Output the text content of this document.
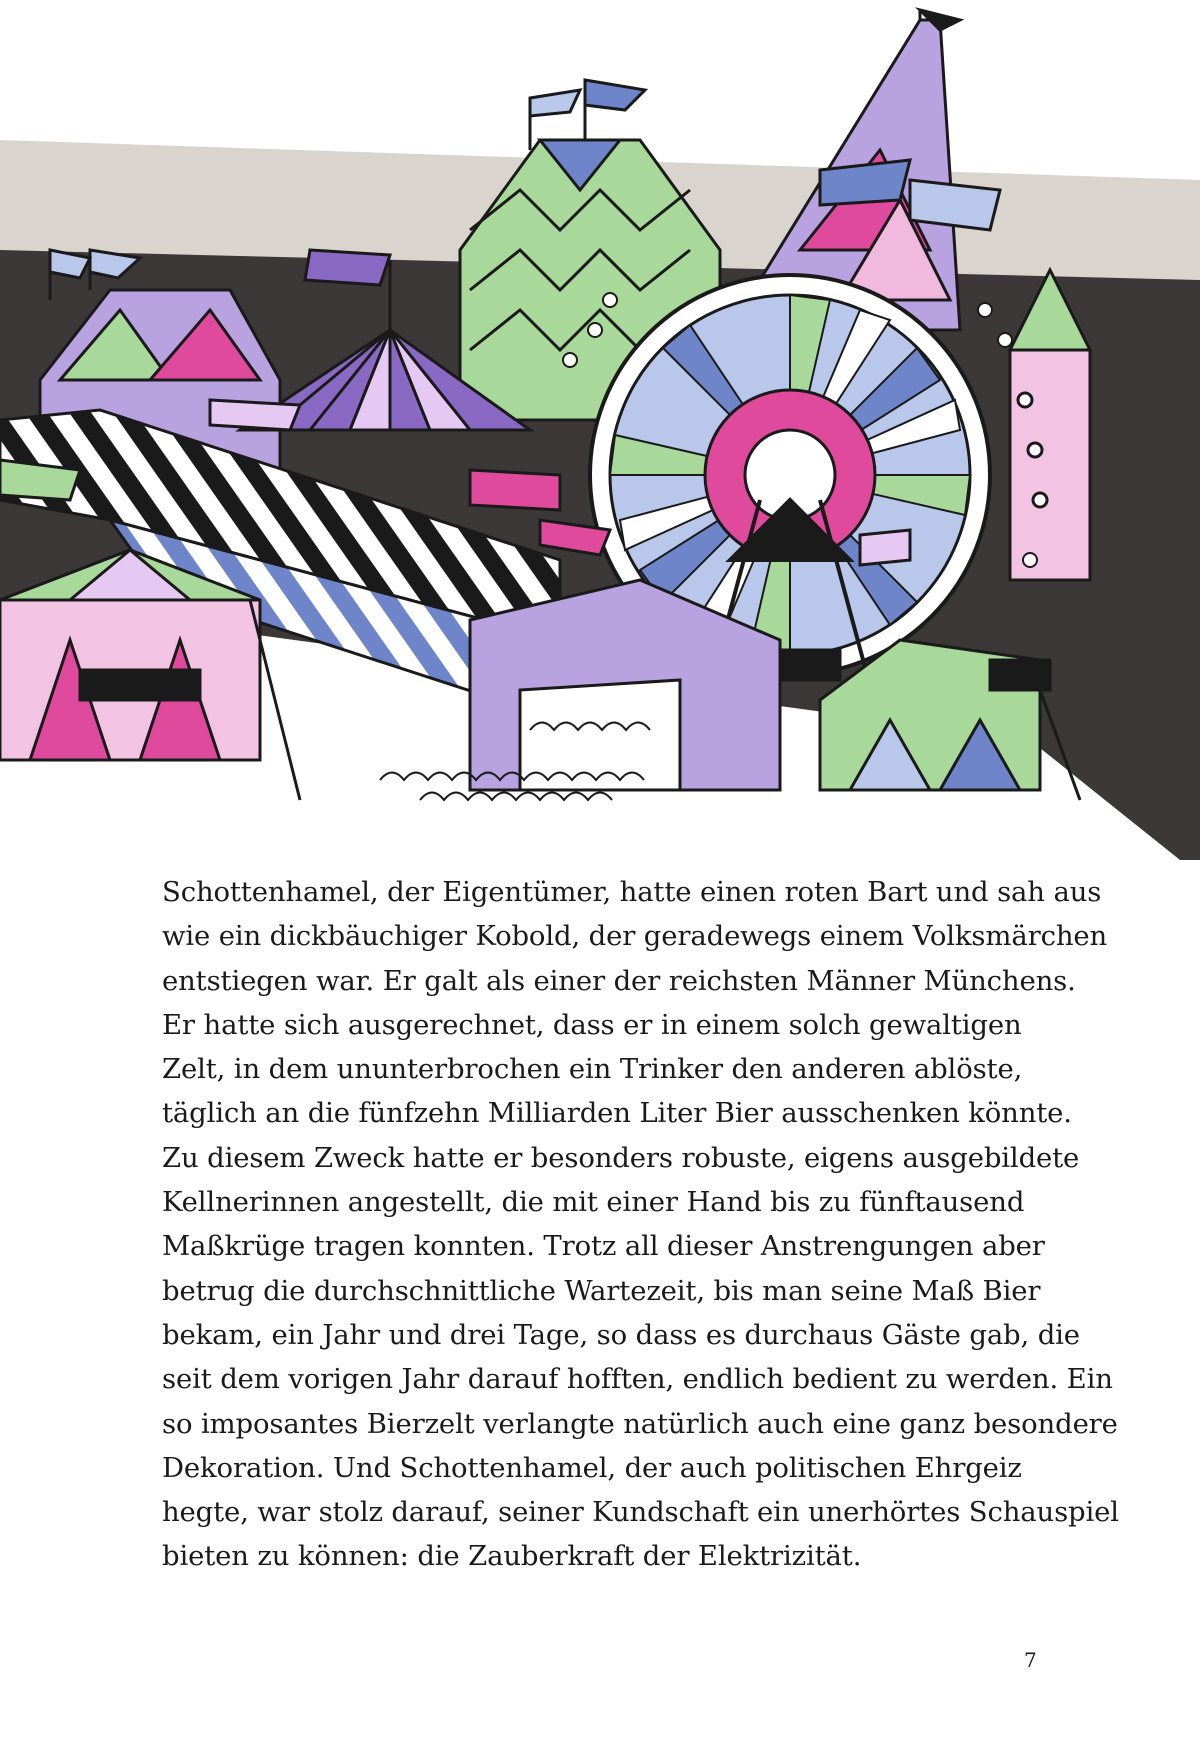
Schottenhamel, der Eigentümer, hatte einen roten Bart und sah aus
wie ein dickbäuchiger Kobold, der geradewegs einem Volksmärchen
entstiegen war. Er galt als einer der reichsten Männer Münchens.
Er hatte sich ausgerechnet, dass er in einem solch gewaltigen
Zelt, in dem ununterbrochen ein Trinker den anderen ablöste,
täglich an die fünfzehn Milliarden Liter Bier ausschenken könnte.
Zu diesem Zweck hatte er besonders robuste, eigens ausgebildete
Kellnerinnen angestellt, die mit einer Hand bis zu fünftausend
Maßkrüge tragen konnten. Trotz all dieser Anstrengungen aber
betrug die durchschnittliche Wartezeit, bis man seine Maß Bier
bekam, ein Jahr und drei Tage, so dass es durchaus Gäste gab, die
seit dem vorigen Jahr darauf hofften, endlich bedient zu werden. Ein
so imposantes Bierzelt verlangte natürlich auch eine ganz besondere
Dekoration. Und Schottenhamel, der auch politischen Ehrgeiz
hegte, war stolz darauf, seiner Kundschaft ein unerhörtes Schauspiel
bieten zu können: die Zauberkraft der Elektrizität.

7
